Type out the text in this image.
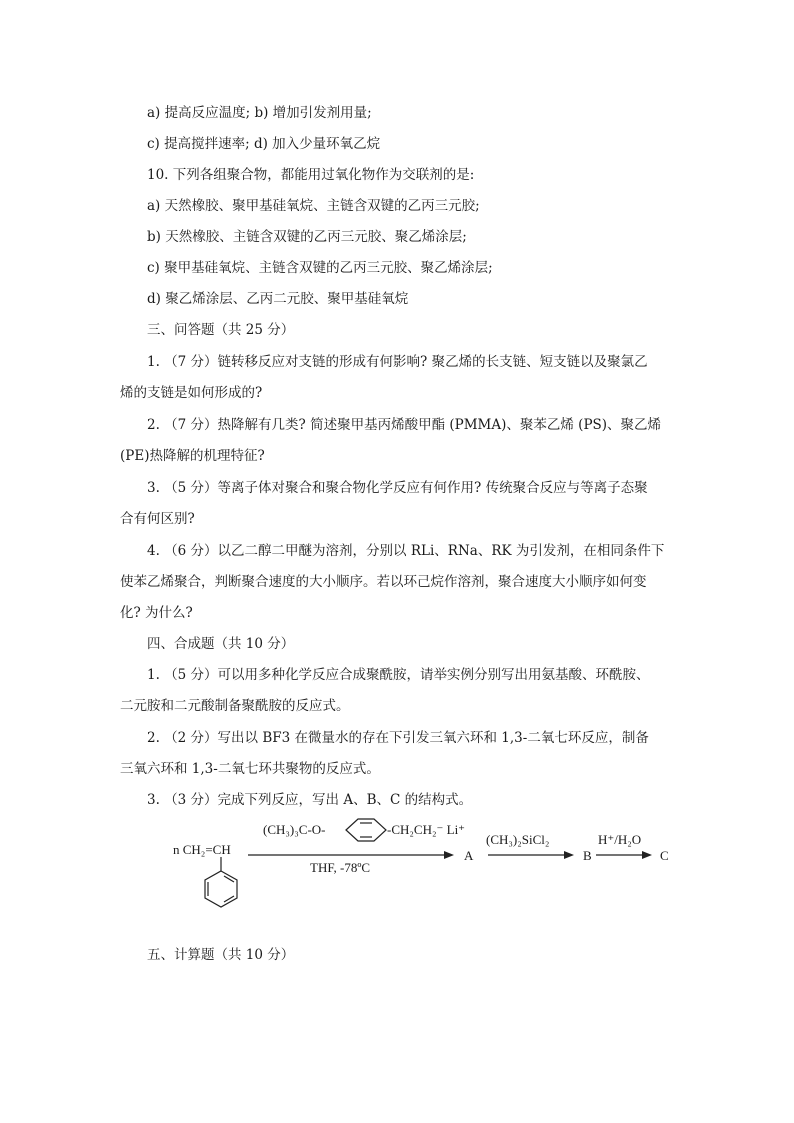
a) 提高反应温度; b) 增加引发剂用量;
c) 提高搅拌速率; d) 加入少量环氧乙烷
10. 下列各组聚合物，都能用过氧化物作为交联剂的是:
a) 天然橡胶、聚甲基硅氧烷、主链含双键的乙丙三元胶;
b) 天然橡胶、主链含双键的乙丙三元胶、聚乙烯涂层;
c) 聚甲基硅氧烷、主链含双键的乙丙三元胶、聚乙烯涂层;
d) 聚乙烯涂层、乙丙二元胶、聚甲基硅氧烷
三、问答题（共 25 分）
1. （7 分）链转移反应对支链的形成有何影响? 聚乙烯的长支链、短支链以及聚氯乙
烯的支链是如何形成的?
2. （7 分）热降解有几类? 简述聚甲基丙烯酸甲酯 (PMMA)、聚苯乙烯 (PS)、聚乙烯
(PE)热降解的机理特征?
3. （5 分）等离子体对聚合和聚合物化学反应有何作用? 传统聚合反应与等离子态聚
合有何区别?
4. （6 分）以乙二醇二甲醚为溶剂，分别以 RLi、RNa、RK 为引发剂，在相同条件下
使苯乙烯聚合，判断聚合速度的大小顺序。若以环己烷作溶剂，聚合速度大小顺序如何变
化? 为什么?
四、合成题（共 10 分）
1. （5 分）可以用多种化学反应合成聚酰胺，请举实例分别写出用氨基酸、环酰胺、
二元胺和二元酸制备聚酰胺的反应式。
2. （2 分）写出以 BF3 在微量水的存在下引发三氧六环和 1,3-二氧七环反应，制备
三氧六环和 1,3-二氧七环共聚物的反应式。
3. （3 分）完成下列反应，写出 A、B、C 的结构式。
n CH₂=CH
(CH₃)₃C-O-	-CH₂CH₂⁻ Li⁺
THF, -78ºC
A
(CH₃)₂SiCl₂
B
H⁺/H₂O
C
五、计算题（共 10 分）
